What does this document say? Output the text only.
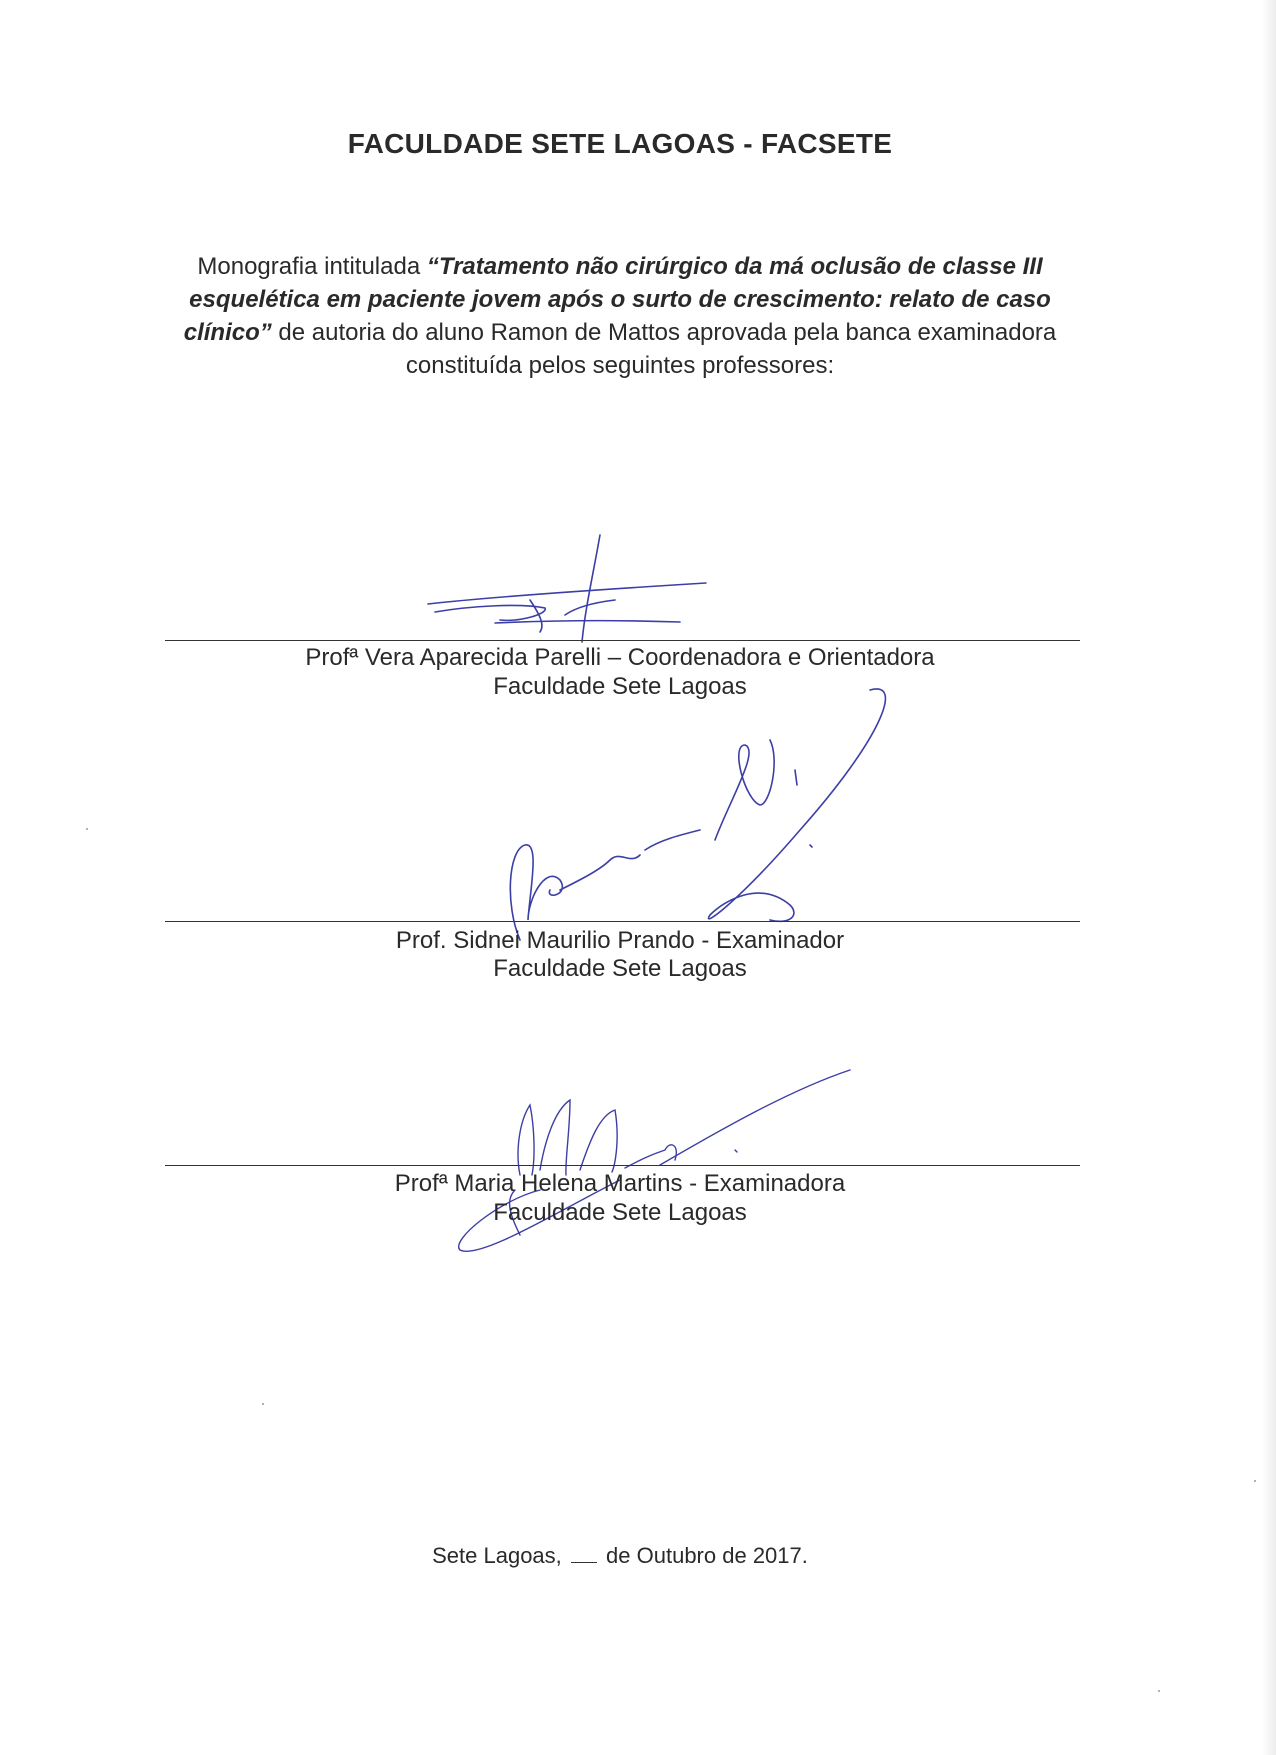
FACULDADE SETE LAGOAS - FACSETE
Monografia intitulada “Tratamento não cirúrgico da má oclusão de classe III esquelética em paciente jovem após o surto de crescimento: relato de caso clínico” de autoria do aluno Ramon de Mattos aprovada pela banca examinadora constituída pelos seguintes professores:
Profª Vera Aparecida Parelli – Coordenadora e Orientadora
Faculdade Sete Lagoas
Prof. Sidnei Maurilio Prando - Examinador
Faculdade Sete Lagoas
Profª Maria Helena Martins - Examinadora
Faculdade Sete Lagoas
Sete Lagoas, de Outubro de 2017.
